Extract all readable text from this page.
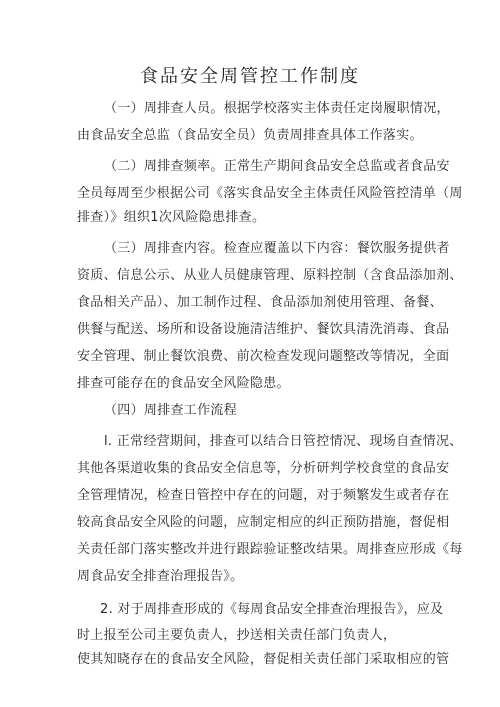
食品安全周管控工作制度
（一）周排查人员。根据学校落实主体责任定岗履职情况，
由食品安全总监（食品安全员）负责周排查具体工作落实。
（二）周排查频率。正常生产期间食品安全总监或者食品安
全员每周至少根据公司《落实食品安全主体责任风险管控清单（周
排查）》组织1次风险隐患排查。
（三）周排查内容。检查应覆盖以下内容：餐饮服务提供者
资质、信息公示、从业人员健康管理、原料控制（含食品添加剂、
食品相关产品）、加工制作过程、食品添加剂使用管理、备餐、
供餐与配送、场所和设备设施清洁维护、餐饮具清洗消毒、食品
安全管理、制止餐饮浪费、前次检查发现问题整改等情况，全面
排查可能存在的食品安全风险隐患。
（四）周排查工作流程
l. 正常经营期间，排查可以结合日管控情况、现场自查情况、
其他各渠道收集的食品安全信息等，分析研判学校食堂的食品安
全管理情况，检查日管控中存在的问题，对于频繁发生或者存在
较高食品安全风险的问题，应制定相应的纠正预防措施，督促相
关责任部门落实整改并进行跟踪验证整改结果。周排查应形成《每
周食品安全排查治理报告》。
2. 对于周排查形成的《每周食品安全排查治理报告》，应及
时上报至公司主要负责人，抄送相关责任部门负责人，
使其知晓存在的食品安全风险，督促相关责任部门采取相应的管
